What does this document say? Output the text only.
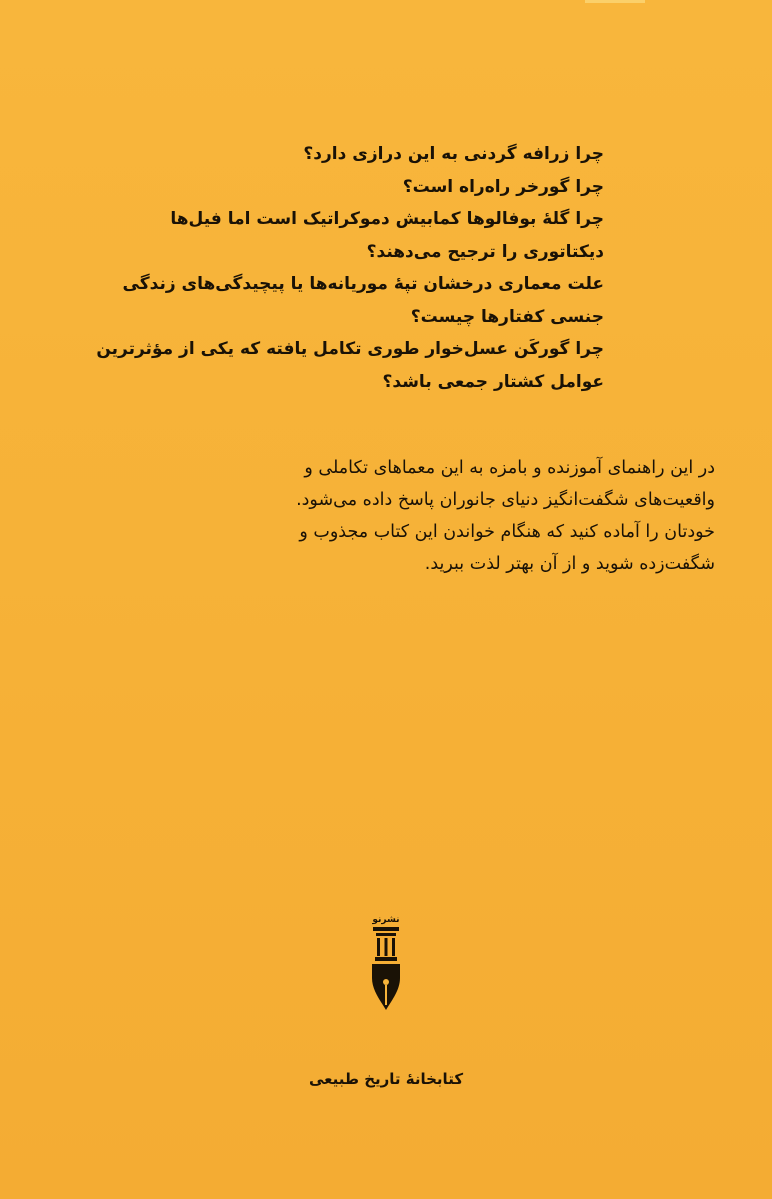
چرا زرافه گردنی به این درازی دارد؟
چرا گورخر راه‌راه است؟
چرا گلهٔ بوفالوها کمابیش دموکراتیک است اما فیل‌ها
دیکتاتوری را ترجیح می‌دهند؟
علت معماری درخشان تپهٔ موریانه‌ها یا پیچیدگی‌های زندگی
جنسی کفتارها چیست؟
چرا گورکَن عسل‌خوار طوری تکامل یافته که یکی از مؤثرترین
عوامل کشتار جمعی باشد؟
در این راهنمای آموزنده و بامزه به این معماهای تکاملی و
واقعیت‌های شگفت‌انگیز دنیای جانوران پاسخ داده می‌شود.
خودتان را آماده کنید که هنگام خواندن این کتاب مجذوب و
شگفت‌زده شوید و از آن بهتر لذت ببرید.
نشرنو
کتابخانهٔ تاریخ طبیعی
